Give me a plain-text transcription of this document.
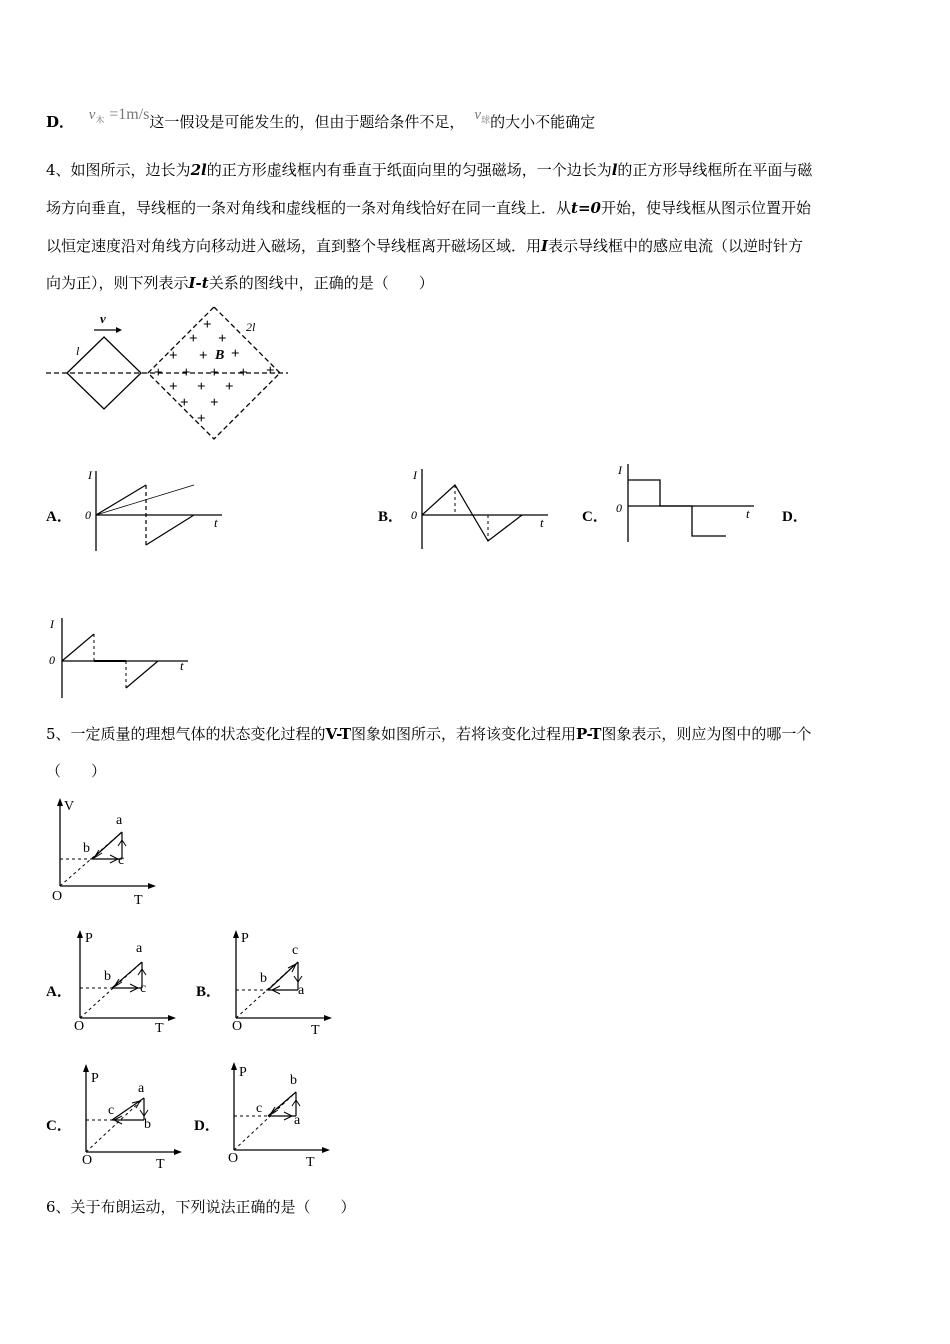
D． $v^木 =1m/s$这一假设是可能发生的，但由于题给条件不足， $v^球$的大小不能确定
4、如图所示，边长为2l的正方形虚线框内有垂直于纸面向里的匀强磁场，一个边长为l的正方形导线框所在平面与磁
场方向垂直，导线框的一条对角线和虚线框的一条对角线恰好在同一直线上．从t=0开始，使导线框从图示位置开始
以恒定速度沿对角线方向移动进入磁场，直到整个导线框离开磁场区域．用I表示导线框中的感应电流（以逆时针方
向为正），则下列表示I-t关系的图线中，正确的是（　　）
v
l
2l
B
+
+ +
+ + +
+ + + + +
+ + +
+ +
+
A．
I
t
0	B．
I
t
0	C．
I
t
0
D．
I
t
0
5、一定质量的理想气体的状态变化过程的V-T图象如图所示，若将该变化过程用P-T图象表示，则应为图中的哪一个
（　　）
V
T
O
a
b
c
A．
P
T
O
a
b
c	B．
P
T
O
c
b
a
C．
P
T
O
a
c
b	D．
P
T
O
b
c
a
6、关于布朗运动，下列说法正确的是（　　）
